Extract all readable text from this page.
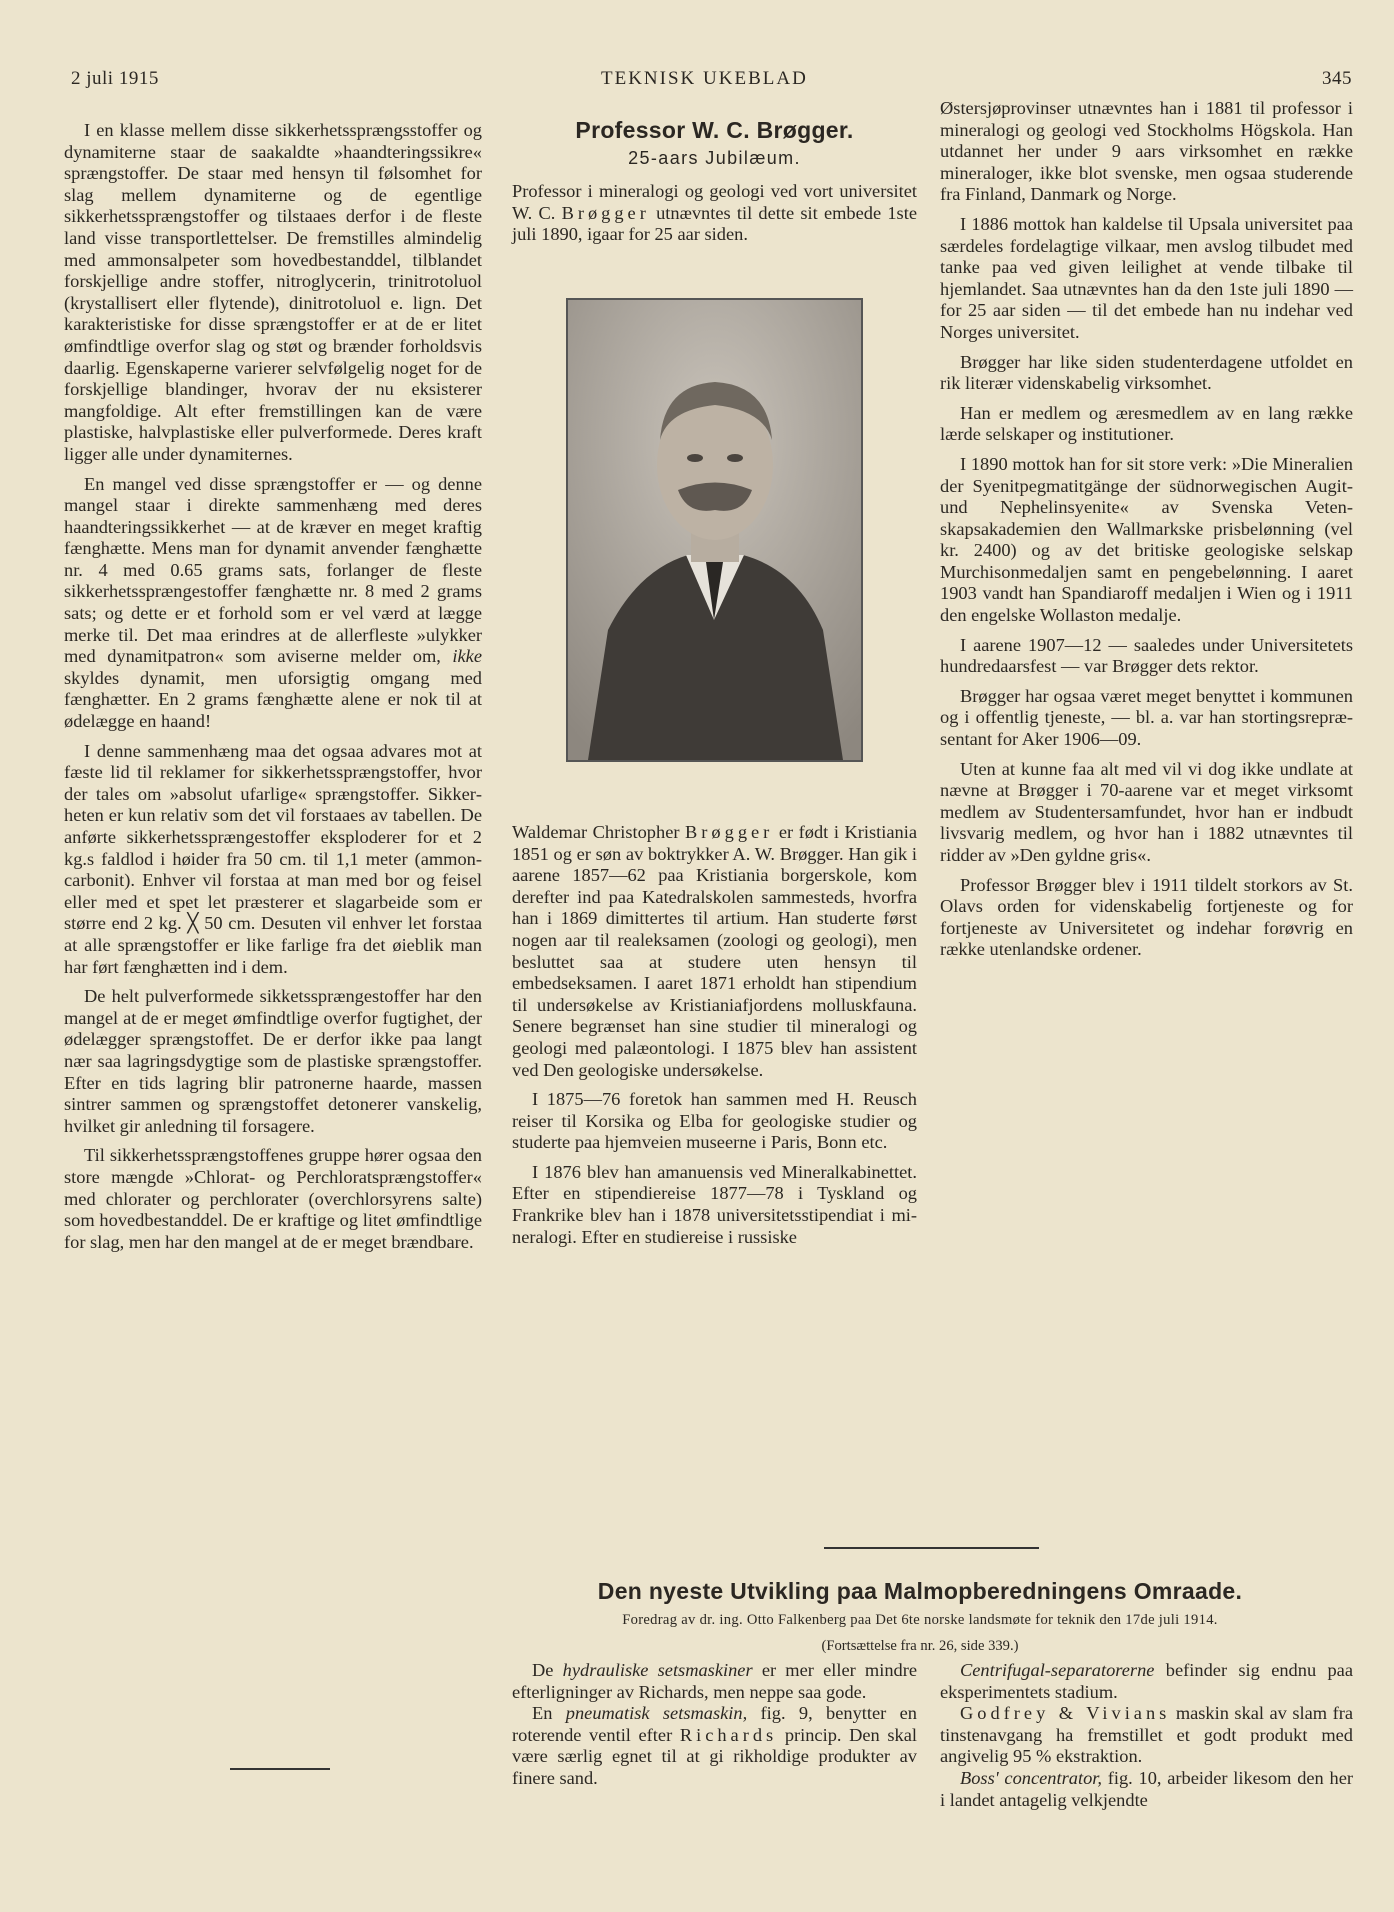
2 juli 1915	TEKNISK UKEBLAD	345

I en klasse mellem disse sikkerhetssprængsstoffer og dynamiterne staar de saakaldte »haandteringssikre« sprængstoffer. De staar med hensyn til følsomhet for slag mellem dynamiterne og de egentlige sikkerhetssprængstoffer og tilstaaes derfor i de fleste land visse transportlettelser. De fremstilles almindelig med ammonsalpeter som hovedbestanddel, tilblandet forskjellige andre stoffer, nitroglycerin, trinitrotoluol (krystallisert eller flytende), dinitrotoluol e. lign. Det karakteristiske for disse sprængstoffer er at de er litet ømfindtlige overfor slag og støt og brænder forholdsvis daarlig. Egenskaperne varierer selvfølgelig noget for de forskjellige blandinger, hvorav der nu eksisterer mangfoldige. Alt efter fremstillingen kan de være plastiske, halvplastiske eller pulverformede. Deres kraft ligger alle under dynamiternes.

En mangel ved disse sprængstoffer er — og denne mangel staar i direkte sammenhæng med deres haandteringssikkerhet — at de kræver en meget kraftig fænghætte. Mens man for dynamit anvender fænghætte nr. 4 med 0.65 grams sats, forlanger de fleste sikkerhetssprængestoffer fænghætte nr. 8 med 2 grams sats; og dette er et forhold som er vel værd at lægge merke til. Det maa erindres at de allerfleste »ulykker med dynamitpatron« som aviserne melder om, ikke skyldes dynamit, men uforsigtig omgang med fænghætter. En 2 grams fænghætte alene er nok til at ødelægge en haand!

I denne sammenhæng maa det ogsaa advares mot at fæste lid til reklamer for sikkerhetssprængstoffer, hvor der tales om »absolut ufarlige« sprængstoffer. Sikkerheten er kun relativ som det vil forstaaes av tabellen. De anførte sikkerhetssprængestoffer eksploderer for et 2 kg.s faldlod i høider fra 50 cm. til 1,1 meter (ammoncarbonit). Enhver vil forstaa at man med bor og feisel eller med et spet let præsterer et slagarbeide som er større end 2 kg. ╳ 50 cm. Desuten vil enhver let forstaa at alle sprængstoffer er like farlige fra det øieblik man har ført fænghætten ind i dem.

De helt pulverformede sikketssprængestoffer har den mangel at de er meget ømfindtlige overfor fugtighet, der ødelægger sprængstoffet. De er derfor ikke paa langt nær saa lagringsdygtige som de plastiske sprængstoffer. Efter en tids lagring blir patronerne haarde, massen sintrer sammen og sprængstoffet detonerer vanskelig, hvilket gir anledning til forsagere.

Til sikkerhetssprængstoffenes gruppe hører ogsaa den store mængde »Chlorat- og Perchloratsprængstoffer« med chlorater og perchlorater (overchlorsyrens salte) som hovedbestanddel. De er kraftige og litet ømfindtlige for slag, men har den mangel at de er meget brændbare.

Professor W. C. Brøgger.
25-aars Jubilæum.

Professor i mineralogi og geologi ved vort universitet W. C. Brøgger utnævntes til dette sit embede 1ste juli 1890, igaar for 25 aar siden.

Waldemar Christopher Brøgger er født i Kristiania 1851 og er søn av boktrykker A. W. Brøgger. Han gik i aarene 1857—62 paa Kristiania borgerskole, kom derefter ind paa Katedralskolen sammesteds, hvorfra han i 1869 dimittertes til artium. Han studerte først nogen aar til realeksamen (zoologi og geologi), men besluttet saa at studere uten hensyn til embedseksamen. I aaret 1871 erholdt han stipendium til undersøkelse av Kristianiafjordens molluskfauna. Senere begrænset han sine studier til mineralogi og geologi med palæontologi. I 1875 blev han assistent ved Den geologiske undersøkelse.

I 1875—76 foretok han sammen med H. Reusch reiser til Korsika og Elba for geologiske studier og studerte paa hjemveien museerne i Paris, Bonn etc.

I 1876 blev han amanuensis ved Mineralkabinettet. Efter en stipendiereise 1877—78 i Tyskland og Frankrike blev han i 1878 universitetsstipendiat i mineralogi. Efter en studiereise i russiske

Østersjøprovinser utnævntes han i 1881 til professor i mineralogi og geologi ved Stockholms Högskola. Han utdannet her under 9 aars virksomhet en række mineraloger, ikke blot svenske, men ogsaa studerende fra Finland, Danmark og Norge.

I 1886 mottok han kaldelse til Upsala universitet paa særdeles fordelagtige vilkaar, men avslog tilbudet med tanke paa ved given leilighet at vende tilbake til hjemlandet. Saa utnævntes han da den 1ste juli 1890 — for 25 aar siden — til det embede han nu indehar ved Norges universitet.

Brøgger har like siden studenterdagene utfoldet en rik literær videnskabelig virksomhet.

Han er medlem og æresmedlem av en lang række lærde selskaper og institutioner.

I 1890 mottok han for sit store verk: »Die Mineralien der Syenitpegmatitgänge der südnorwegischen Augit- und Nephelinsyenite« av Svenska Vetenskapsakademien den Wallmarkske prisbelønning (vel kr. 2400) og av det britiske geologiske selskap Murchisonmedaljen samt en pengebelønning. I aaret 1903 vandt han Spandiaroff medaljen i Wien og i 1911 den engelske Wollaston medalje.

I aarene 1907—12 — saaledes under Universitetets hundredaarsfest — var Brøgger dets rektor.

Brøgger har ogsaa været meget benyttet i kommunen og i offentlig tjeneste, — bl. a. var han stortingsrepræsentant for Aker 1906—09.

Uten at kunne faa alt med vil vi dog ikke undlate at nævne at Brøgger i 70-aarene var et meget virksomt medlem av Studentersamfundet, hvor han er indbudt livsvarig medlem, og hvor han i 1882 utnævntes til ridder av »Den gyldne gris«.

Professor Brøgger blev i 1911 tildelt storkors av St. Olavs orden for videnskabelig fortjeneste og for fortjeneste av Universitetet og indehar forøvrig en række utenlandske ordener.

Den nyeste Utvikling paa Malmopberedningens Omraade.
Foredrag av dr. ing. Otto Falkenberg paa Det 6te norske landsmøte for teknik den 17de juli 1914.
(Fortsættelse fra nr. 26, side 339.)

De hydrauliske setsmaskiner er mer eller mindre efterligninger av Richards, men neppe saa gode.

En pneumatisk setsmaskin, fig. 9, benytter en roterende ventil efter Richards princip. Den skal være særlig egnet til at gi rikholdige produkter av finere sand.

Centrifugal-separatorerne befinder sig endnu paa eksperimentets stadium.

Godfrey & Vivians maskin skal av slam fra tinstenavgang ha fremstillet et godt produkt med angivelig 95 % ekstraktion.

Boss' concentrator, fig. 10, arbeider likesom den her i landet antagelig velkjendte
